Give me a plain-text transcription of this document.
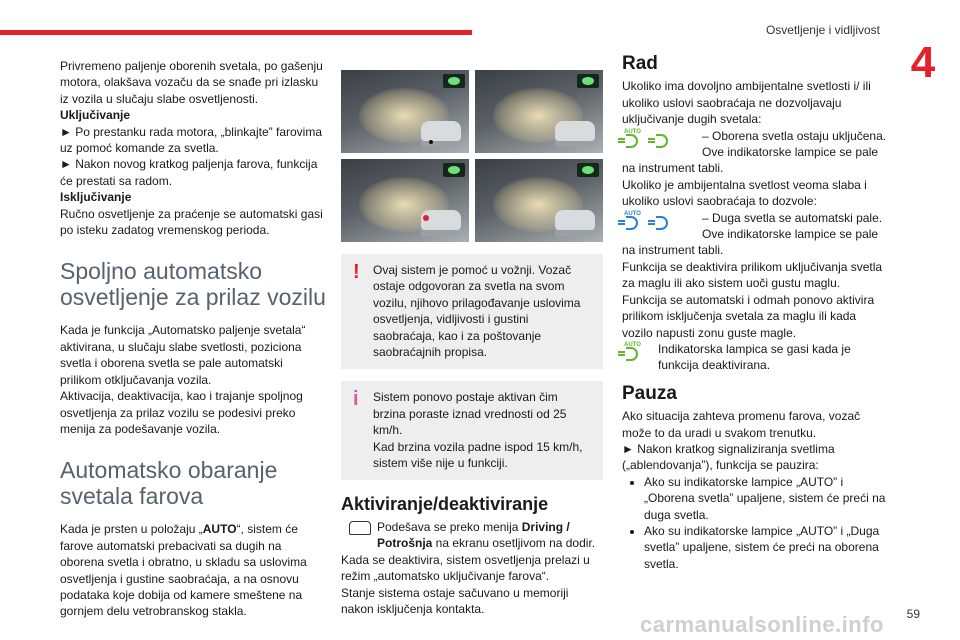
Osvetljenje i vidljivost
4

Privremeno paljenje oborenih svetala, po gašenju motora, olakšava vozaču da se snađe pri izlasku iz vozila u slučaju slabe osvetljenosti.

Uključivanje

► Po prestanku rada motora, „blinkajte” farovima uz pomoć komande za svetla.

► Nakon novog kratkog paljenja farova, funkcija će prestati sa radom.

Isključivanje

Ručno osvetljenje za praćenje se automatski gasi po isteku zadatog vremenskog perioda.

Spoljno automatsko osvetljenje za prilaz vozilu

Kada je funkcija „Automatsko paljenje svetala“ aktivirana, u slučaju slabe svetlosti, poziciona svetla i oborena svetla se pale automatski prilikom otključavanja vozila.

Aktivacija, deaktivacija, kao i trajanje spoljnog osvetljenja za prilaz vozilu se podesivi preko menija za podešavanje vozila.

Automatsko obaranje svetala farova

Kada je prsten u položaju „AUTO“, sistem će farove automatski prebacivati sa dugih na oborena svetla i obratno, u skladu sa uslovima osvetljenja i gustine saobraćaja, a na osnovu podataka koje dobija od kamere smeštene na gornjem delu vetrobranskog stakla.

! Ovaj sistem je pomoć u vožnji. Vozač ostaje odgovoran za svetla na svom vozilu, njihovo prilagođavanje uslovima osvetljenja, vidljivosti i gustini saobraćaja, kao i za poštovanje saobraćajnih propisa.

i Sistem ponovo postaje aktivan čim brzina poraste iznad vrednosti od 25 km/h.

Kad brzina vozila padne ispod 15 km/h, sistem više nije u funkciji.

Aktiviranje/deaktiviranje

Podešava se preko menija Driving / Potrošnja na ekranu osetljivom na dodir.

Kada se deaktivira, sistem osvetljenja prelazi u režim „automatsko uključivanje farova“.

Stanje sistema ostaje sačuvano u memoriji nakon isključenja kontakta.

Rad

Ukoliko ima dovoljno ambijentalne svetlosti i/ ili ukoliko uslovi saobraćaja ne dozvoljavaju uključivanje dugih svetala:

AUTO	– Oborena svetla ostaju uključena. Ove indikatorske lampice se pale

na instrument tabli.

Ukoliko je ambijentalna svetlost veoma slaba i ukoliko uslovi saobraćaja to dozvole:

AUTO	– Duga svetla se automatski pale. Ove indikatorske lampice se pale

na instrument tabli.

Funkcija se deaktivira prilikom uključivanja svetla za maglu ili ako sistem uoči gustu maglu.

Funkcija se automatski i odmah ponovo aktivira prilikom isključenja svetala za maglu ili kada vozilo napusti zonu guste magle.

AUTO Indikatorska lampica se gasi kada je funkcija deaktivirana.

Pauza

Ako situacija zahteva promenu farova, vozač može to da uradi u svakom trenutku.

► Nakon kratkog signaliziranja svetlima („ablendovanja”), funkcija se pauzira:

• Ako su indikatorske lampice „AUTO” i „Oborena svetla” upaljene, sistem će preći na duga svetla.
• Ako su indikatorske lampice „AUTO” i „Duga svetla” upaljene, sistem će preći na oborena svetla.
carmanualsonline.info 59
